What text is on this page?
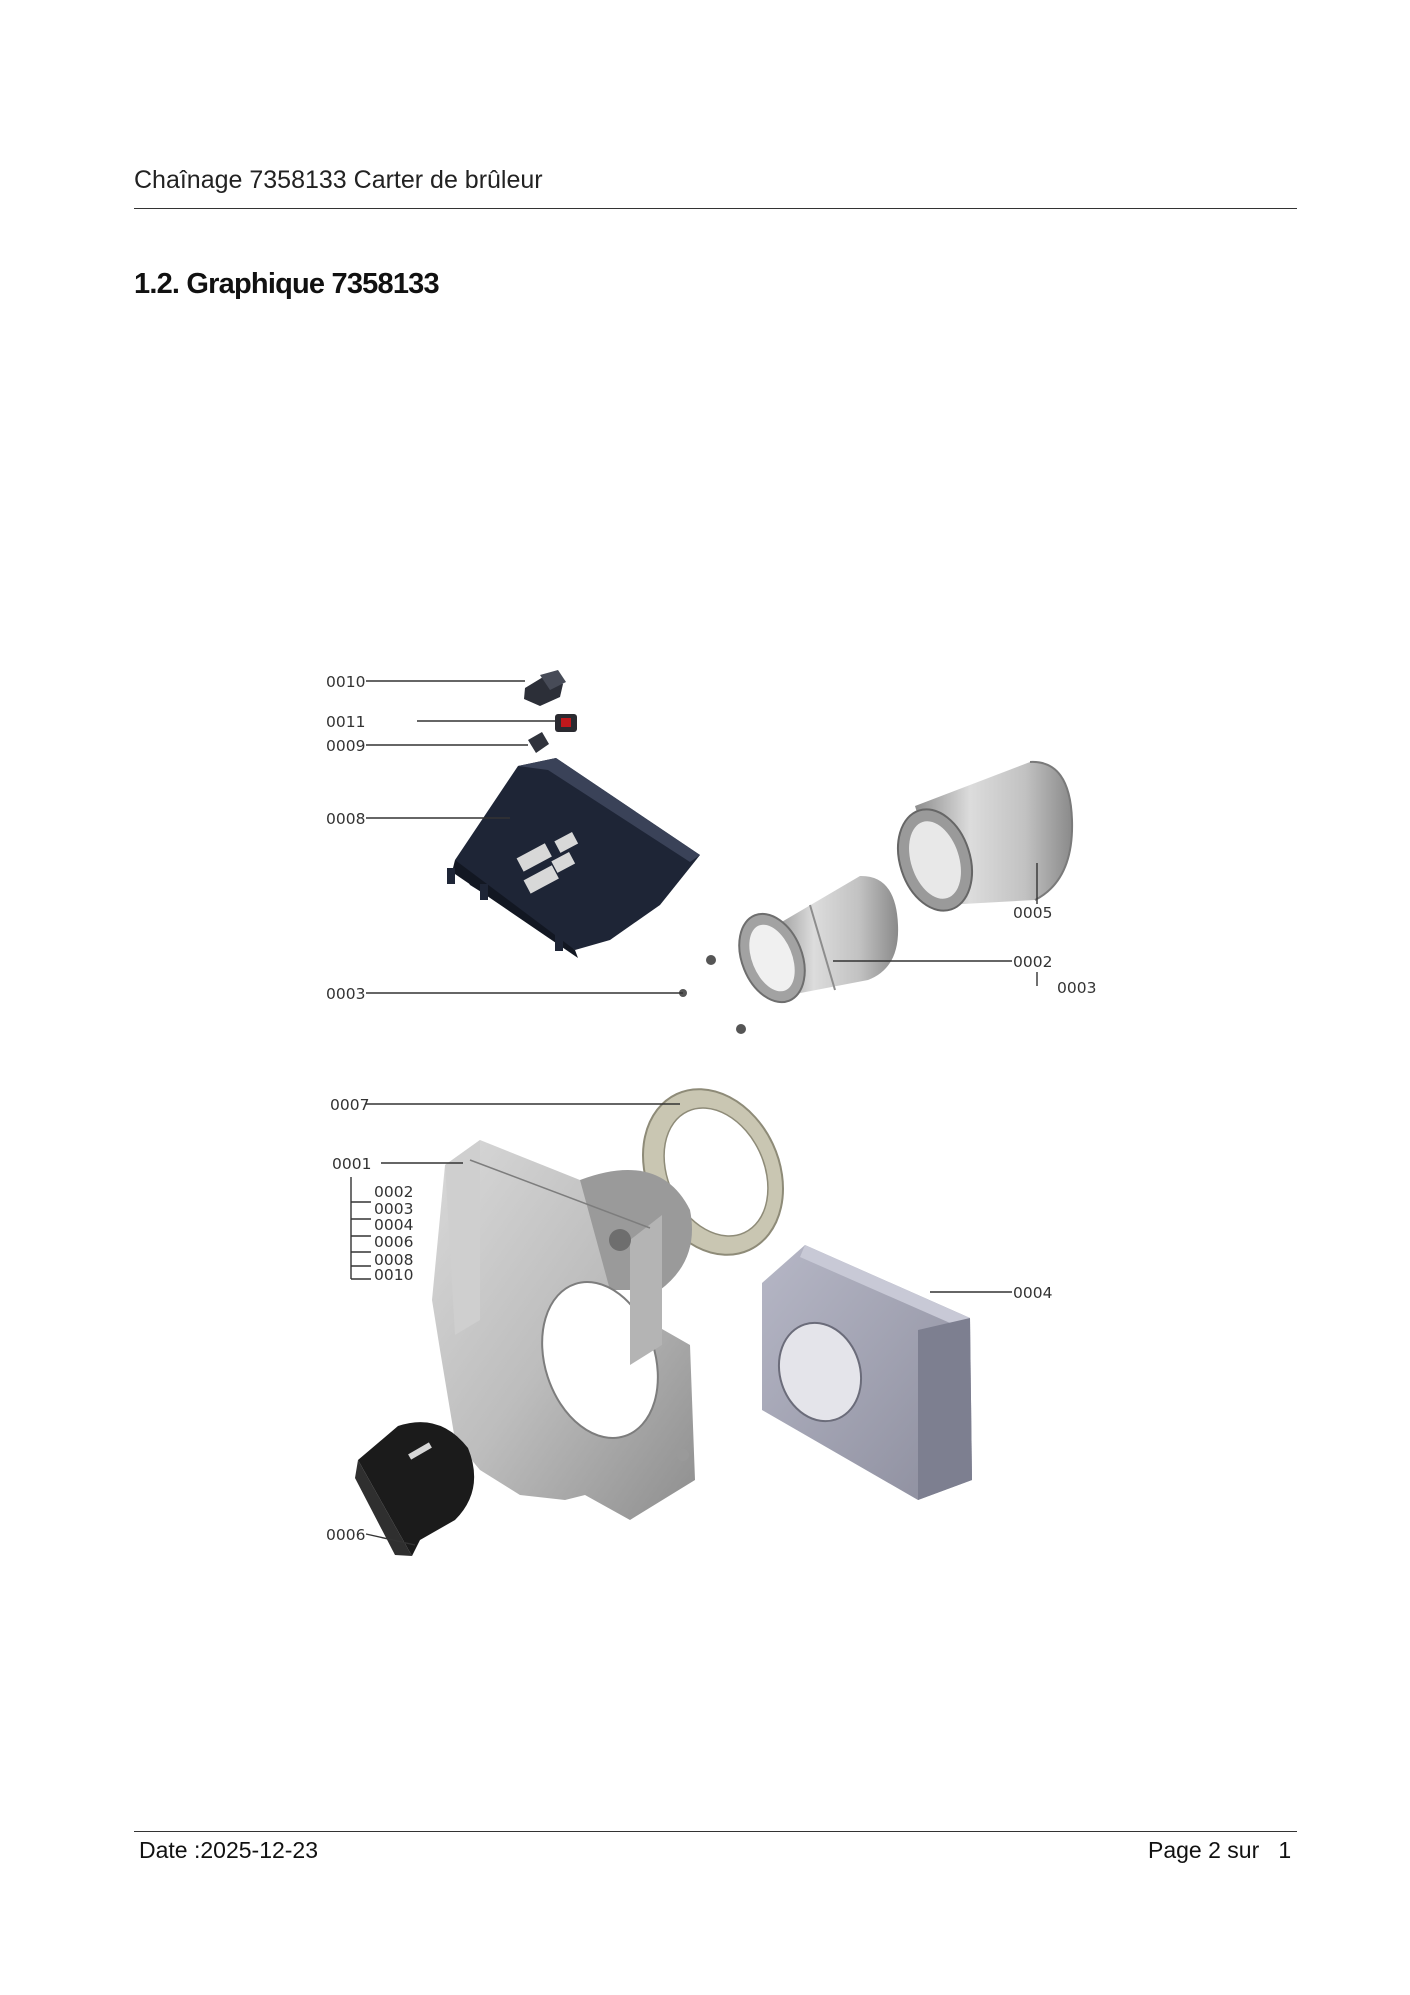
Chaînage 7358133 Carter de brûleur
1.2. Graphique 7358133
0010
0011
0009
0008
0003
0005
0002
0003
0007
0001
0004
0006
0002
0003
0004
0006
0008
0010
Date :2025-12-23	Page 2 sur   1
